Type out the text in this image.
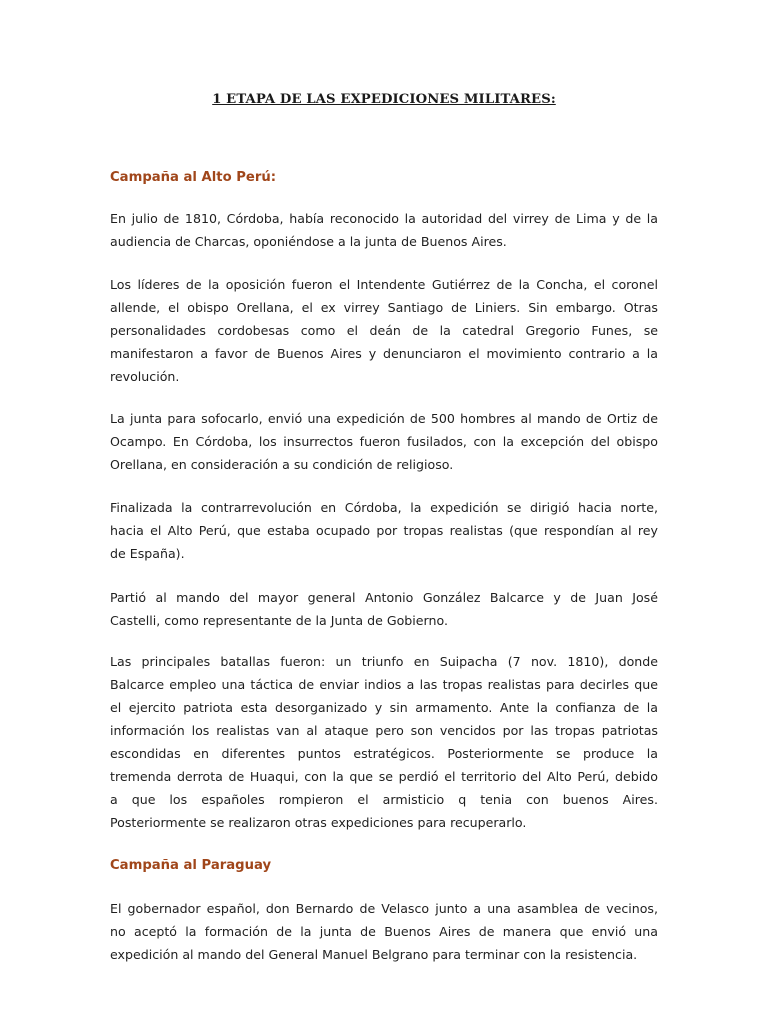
1 ETAPA DE LAS EXPEDICIONES MILITARES:
Campaña al Alto Perú:

En julio de 1810, Córdoba, había reconocido la autoridad del virrey de Lima y de la
audiencia de Charcas, oponiéndose a la junta de Buenos Aires.

Los líderes de la oposición fueron el Intendente Gutiérrez de la Concha, el coronel
allende, el obispo Orellana, el ex virrey Santiago de Liniers. Sin embargo. Otras
personalidades cordobesas como el deán de la catedral Gregorio Funes, se
manifestaron a favor de Buenos Aires y denunciaron el movimiento contrario a la
revolución.

La junta para sofocarlo, envió una expedición de 500 hombres al mando de Ortiz de
Ocampo. En Córdoba, los insurrectos fueron fusilados, con la excepción del obispo
Orellana, en consideración a su condición de religioso.

Finalizada la contrarrevolución en Córdoba, la expedición se dirigió hacia norte,
hacia el Alto Perú, que estaba ocupado por tropas realistas (que respondían al rey
de España).

Partió al mando del mayor general Antonio González Balcarce y de Juan José
Castelli, como representante de la Junta de Gobierno.

Las principales batallas fueron: un triunfo en Suipacha (7 nov. 1810), donde
Balcarce empleo una táctica de enviar indios a las tropas realistas para decirles que
el ejercito patriota esta desorganizado y sin armamento. Ante la confianza de la
información los realistas van al ataque pero son vencidos por las tropas patriotas
escondidas en diferentes puntos estratégicos. Posteriormente se produce la
tremenda derrota de Huaqui, con la que se perdió el territorio del Alto Perú, debido
a que los españoles rompieron el armisticio q tenia con buenos Aires.
Posteriormente se realizaron otras expediciones para recuperarlo.

Campaña al Paraguay

El gobernador español, don Bernardo de Velasco junto a una asamblea de vecinos,
no aceptó la formación de la junta de Buenos Aires de manera que envió una
expedición al mando del General Manuel Belgrano para terminar con la resistencia.
